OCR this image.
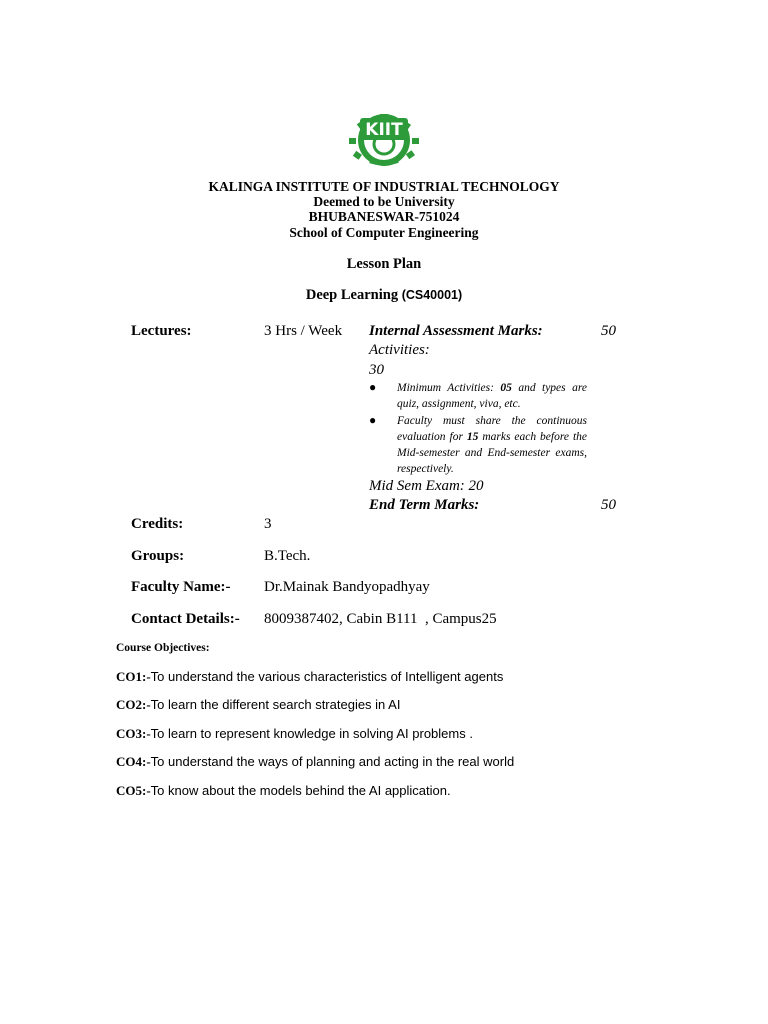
KIIT
KALINGA INSTITUTE OF INDUSTRIAL TECHNOLOGY
Deemed to be University
BHUBANESWAR-751024
School of Computer Engineering
Lesson Plan
Deep Learning (CS40001)
Lectures:	3 Hrs / Week Internal Assessment Marks:	50
Activities:
30
● Minimum Activities: 05 and types are quiz, assignment, viva, etc.
● Faculty must share the continuous evaluation for 15 marks each before the Mid-semester and End-semester exams, respectively.
Mid Sem Exam: 20
End Term Marks:	50
Credits:	3
Groups:	B.Tech.
Faculty Name:- Dr.Mainak Bandyopadhyay
Contact Details:- 8009387402, Cabin B111  , Campus25
Course Objectives:
CO1:-To understand the various characteristics of Intelligent agents
CO2:-To learn the different search strategies in AI
CO3:-To learn to represent knowledge in solving AI problems .
CO4:-To understand the ways of planning and acting in the real world
CO5:-To know about the models behind the AI application.
